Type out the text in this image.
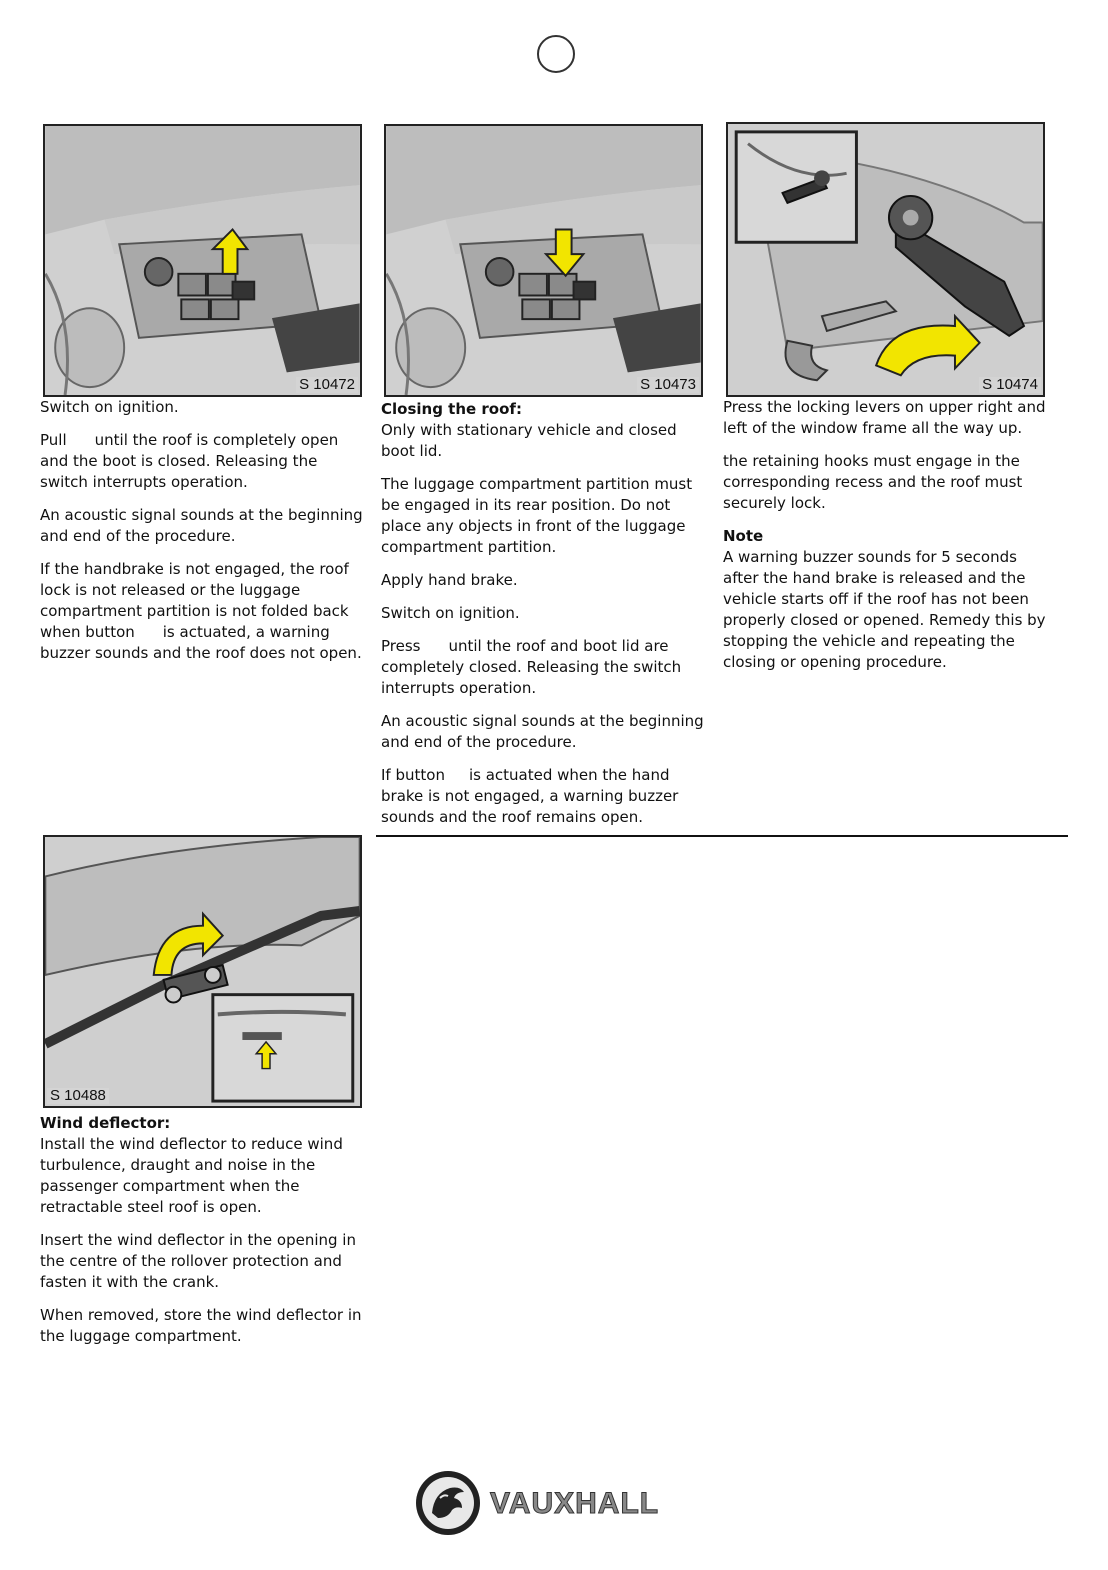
S 10472	S 10473	S 10474
S 10488

Switch on ignition.

Pull until the roof is completely open and the boot is closed. Releasing the switch interrupts operation.

An acoustic signal sounds at the beginning and end of the procedure.

If the handbrake is not engaged, the roof lock is not released or the luggage compartment partition is not folded back when button is actuated, a warning buzzer sounds and the roof does not open.

Closing the roof:

Only with stationary vehicle and closed boot lid.

The luggage compartment partition must be engaged in its rear position. Do not place any objects in front of the luggage compartment partition.

Apply hand brake.

Switch on ignition.

Press until the roof and boot lid are completely closed. Releasing the switch interrupts operation.

An acoustic signal sounds at the beginning and end of the procedure.

If button is actuated when the hand brake is not engaged, a warning buzzer sounds and the roof remains open.

Press the locking levers on upper right and left of the window frame all the way up.

the retaining hooks must engage in the corresponding recess and the roof must securely lock.

Note

A warning buzzer sounds for 5 seconds after the hand brake is released and the vehicle starts off if the roof has not been properly closed or opened. Remedy this by stopping the vehicle and repeating the closing or opening procedure.

Wind deflector:

Install the wind deflector to reduce wind turbulence, draught and noise in the passenger compartment when the retractable steel roof is open.

Insert the wind deflector in the opening in the centre of the rollover protection and fasten it with the crank.

When removed, store the wind deflector in the luggage compartment.

VAUXHALL
